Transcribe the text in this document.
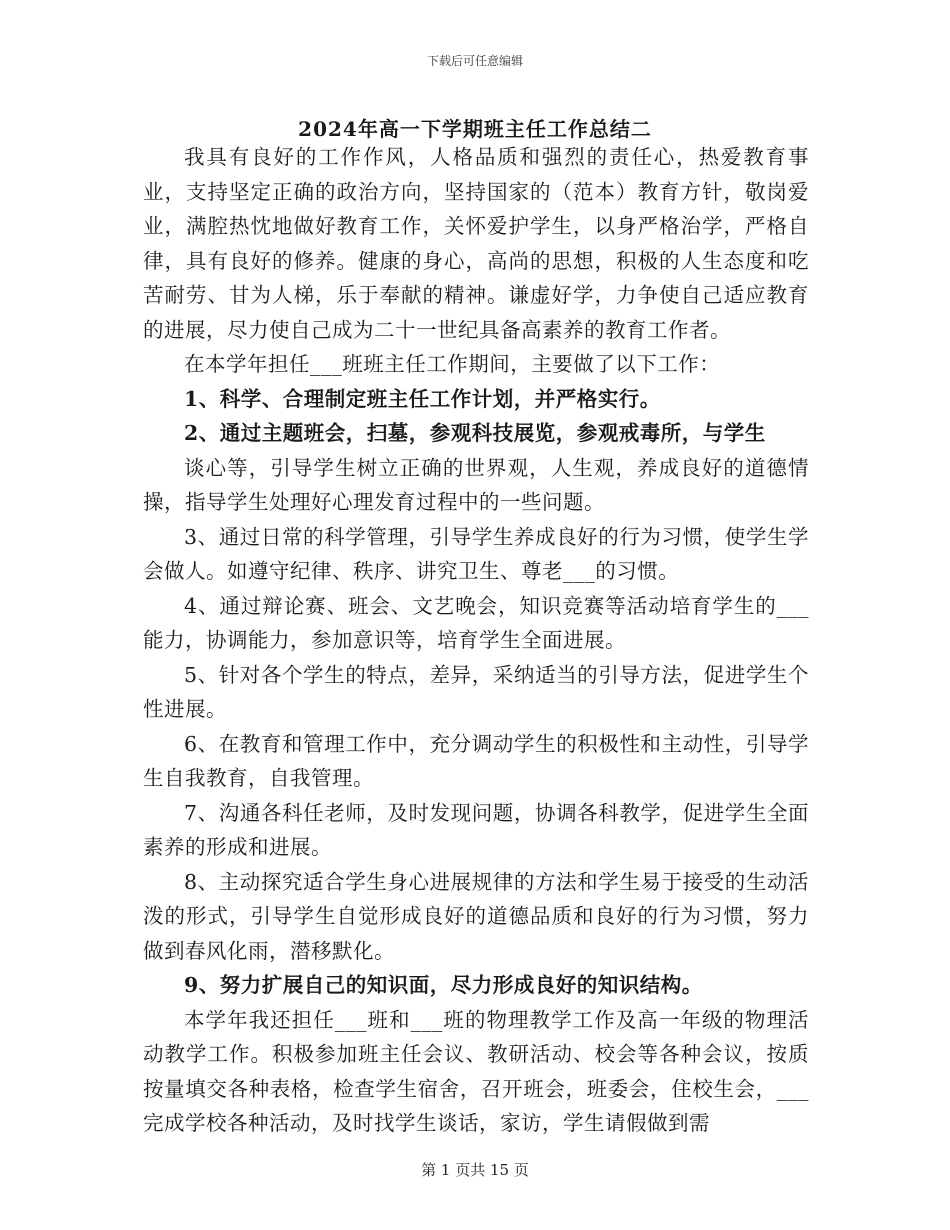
下载后可任意编辑
2024年高一下学期班主任工作总结二

我具有良好的工作作风，人格品质和强烈的责任心，热爱教育事业，支持坚定正确的政治方向，坚持国家的（范本）教育方针，敬岗爱业，满腔热忱地做好教育工作，关怀爱护学生，以身严格治学，严格自律，具有良好的修养。健康的身心，高尚的思想，积极的人生态度和吃苦耐劳、甘为人梯，乐于奉献的精神。谦虚好学，力争使自己适应教育的进展，尽力使自己成为二十一世纪具备高素养的教育工作者。

在本学年担任___班班主任工作期间，主要做了以下工作：

1、科学、合理制定班主任工作计划，并严格实行。

2、通过主题班会，扫墓，参观科技展览，参观戒毒所，与学生

谈心等，引导学生树立正确的世界观，人生观，养成良好的道德情操，指导学生处理好心理发育过程中的一些问题。

3、通过日常的科学管理，引导学生养成良好的行为习惯，使学生学会做人。如遵守纪律、秩序、讲究卫生、尊老___的习惯。

4、通过辩论赛、班会、文艺晚会，知识竞赛等活动培育学生的___能力，协调能力，参加意识等，培育学生全面进展。

5、针对各个学生的特点，差异，采纳适当的引导方法，促进学生个性进展。

6、在教育和管理工作中，充分调动学生的积极性和主动性，引导学生自我教育，自我管理。

7、沟通各科任老师，及时发现问题，协调各科教学，促进学生全面素养的形成和进展。

8、主动探究适合学生身心进展规律的方法和学生易于接受的生动活泼的形式，引导学生自觉形成良好的道德品质和良好的行为习惯，努力做到春风化雨，潜移默化。

9、努力扩展自己的知识面，尽力形成良好的知识结构。

本学年我还担任___班和___班的物理教学工作及高一年级的物理活动教学工作。积极参加班主任会议、教研活动、校会等各种会议，按质按量填交各种表格，检查学生宿舍，召开班会，班委会，住校生会，___完成学校各种活动，及时找学生谈话，家访，学生请假做到需

第 1 页共 15 页
